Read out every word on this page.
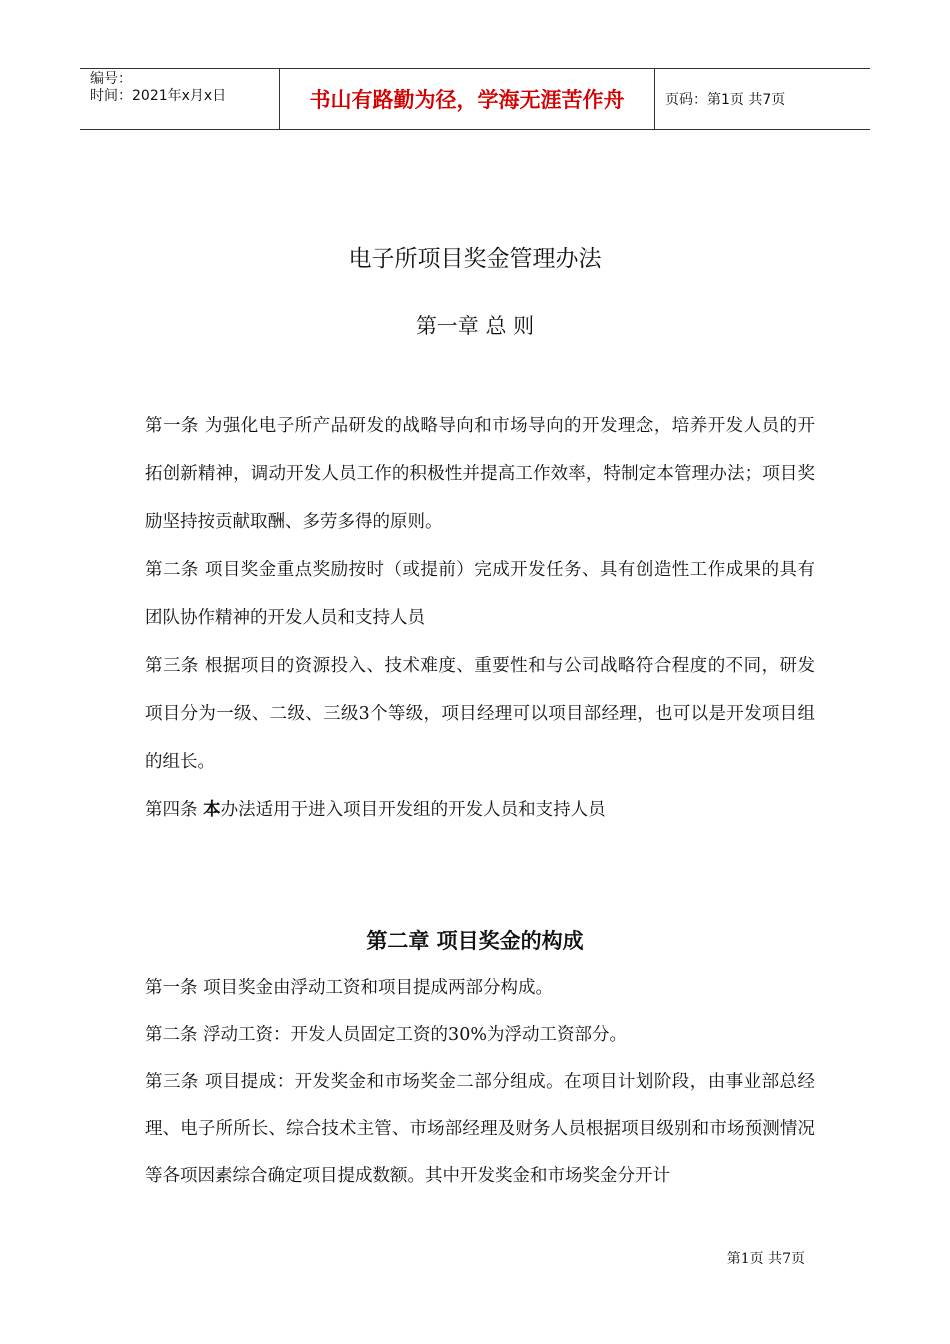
编号：
时间：2021年x月x日	书山有路勤为径，学海无涯苦作舟	页码：第1页 共7页
电子所项目奖金管理办法
第一章 总 则

第一条 为强化电子所产品研发的战略导向和市场导向的开发理念，培养开发人员的开拓创新精神，调动开发人员工作的积极性并提高工作效率，特制定本管理办法；项目奖励坚持按贡献取酬、多劳多得的原则。

第二条 项目奖金重点奖励按时（或提前）完成开发任务、具有创造性工作成果的具有团队协作精神的开发人员和支持人员

第三条 根据项目的资源投入、技术难度、重要性和与公司战略符合程度的不同，研发项目分为一级、二级、三级3个等级，项目经理可以项目部经理，也可以是开发项目组的组长。

第四条 本办法适用于进入项目开发组的开发人员和支持人员

第二章 项目奖金的构成

第一条 项目奖金由浮动工资和项目提成两部分构成。

第二条 浮动工资：开发人员固定工资的30%为浮动工资部分。

第三条 项目提成：开发奖金和市场奖金二部分组成。在项目计划阶段，由事业部总经理、电子所所长、综合技术主管、市场部经理及财务人员根据项目级别和市场预测情况等各项因素综合确定项目提成数额。其中开发奖金和市场奖金分开计

第1页 共7页
